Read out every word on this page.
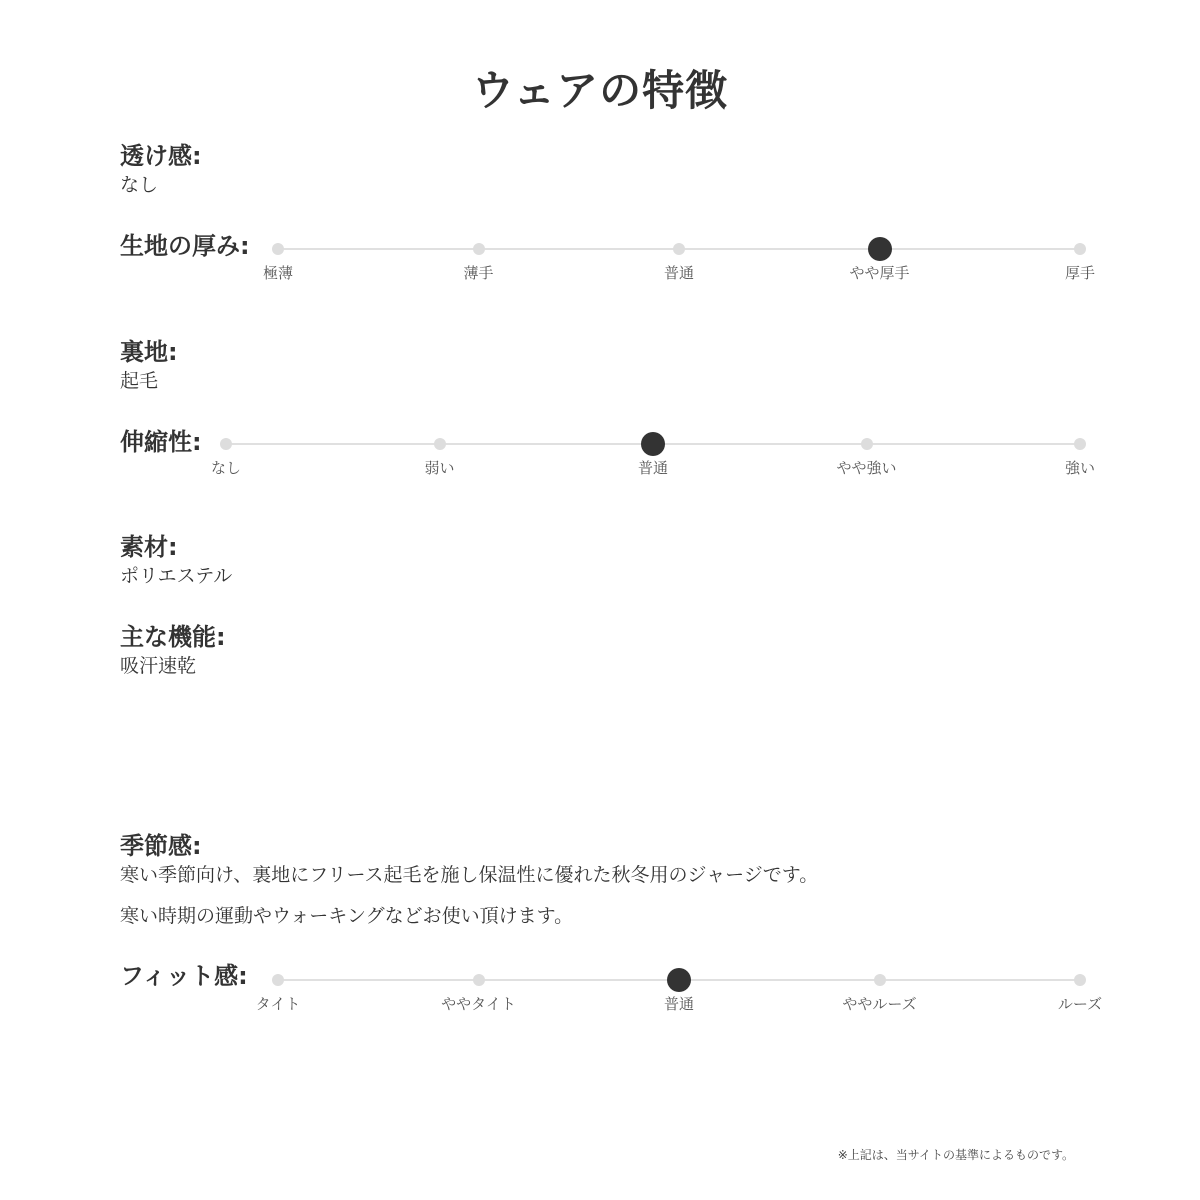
ウェアの特徴
透け感:
なし
生地の厚み:
極薄	薄手	普通	やや厚手	厚手
裏地:
起毛
伸縮性:
なし	弱い	普通	やや強い	強い
素材:
ポリエステル
主な機能:
吸汗速乾
季節感:
寒い季節向け、裏地にフリース起毛を施し保温性に優れた秋冬用のジャージです。
寒い時期の運動やウォーキングなどお使い頂けます。
フィット感:
タイト	ややタイト	普通	ややルーズ	ルーズ
※上記は、当サイトの基準によるものです。
